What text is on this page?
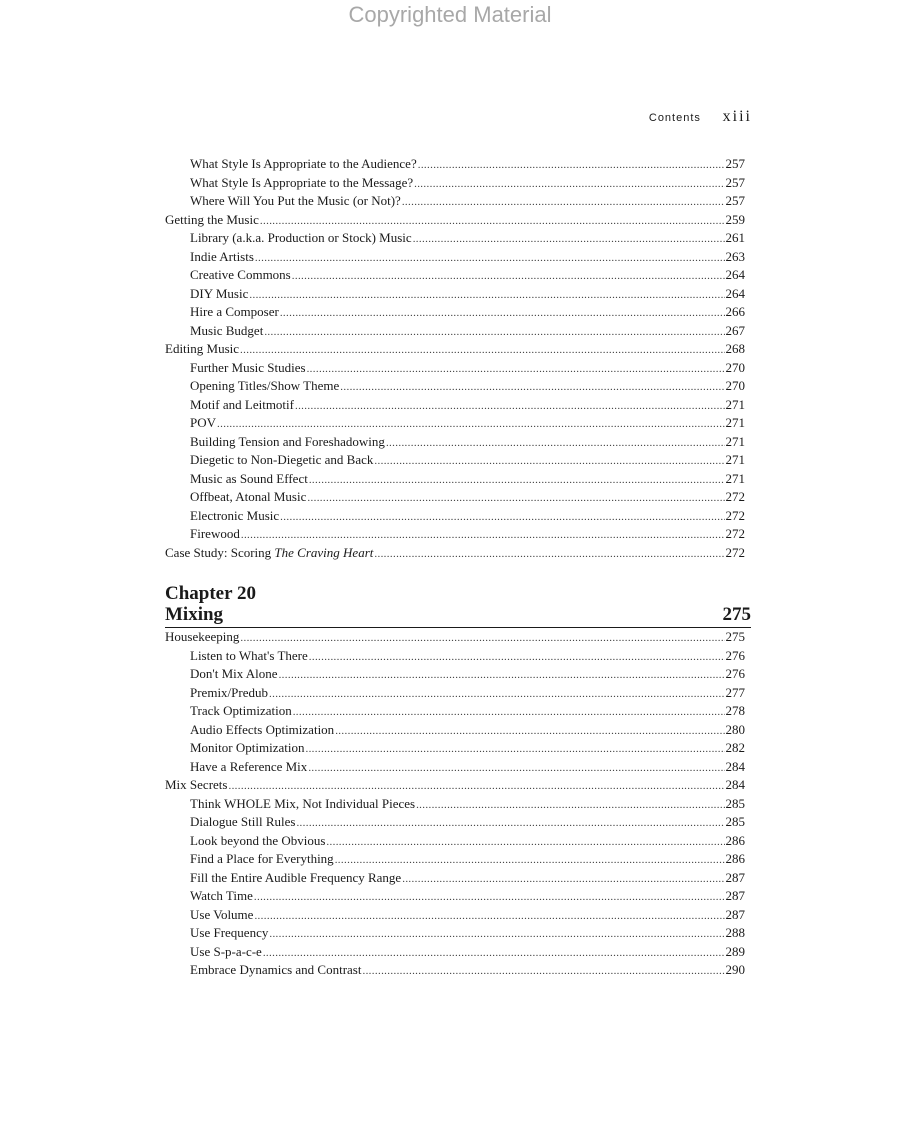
Copyrighted Material
Contents xiii
What Style Is Appropriate to the Audience? . . .	257
What Style Is Appropriate to the Message? . . .	257
Where Will You Put the Music (or Not)? . . .	257
Getting the Music . . .	259
Library (a.k.a. Production or Stock) Music . . .	261
Indie Artists . . .	263
Creative Commons . . .	264
DIY Music . . .	264
Hire a Composer . . .	266
Music Budget . . .	267
Editing Music . . .	268
Further Music Studies . . .	270
Opening Titles/Show Theme . . .	270
Motif and Leitmotif . . .	271
POV . . .	271
Building Tension and Foreshadowing . . .	271
Diegetic to Non-Diegetic and Back . . .	271
Music as Sound Effect . . .	271
Offbeat, Atonal Music . . .	272
Electronic Music . . .	272
Firewood . . .	272
Case Study: Scoring The Craving Heart . . .	272
Chapter 20
Mixing	275
Housekeeping . . .	275
Listen to What's There . . .	276
Don't Mix Alone . . .	276
Premix/Predub . . .	277
Track Optimization . . .	278
Audio Effects Optimization . . .	280
Monitor Optimization . . .	282
Have a Reference Mix . . .	284
Mix Secrets . . .	284
Think WHOLE Mix, Not Individual Pieces . . .	285
Dialogue Still Rules . . .	285
Look beyond the Obvious . . .	286
Find a Place for Everything . . .	286
Fill the Entire Audible Frequency Range . . .	287
Watch Time . . .	287
Use Volume . . .	287
Use Frequency . . .	288
Use S-p-a-c-e . . .	289
Embrace Dynamics and Contrast . . .	290
